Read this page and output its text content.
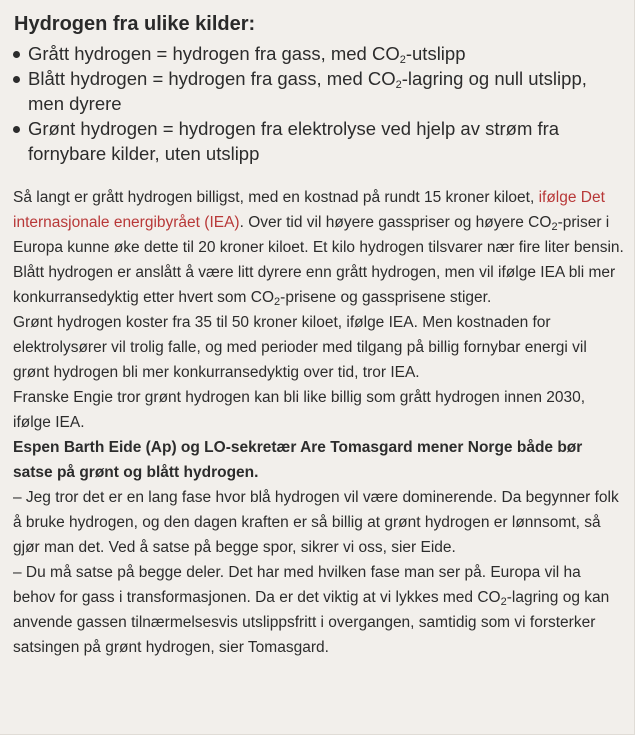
Hydrogen fra ulike kilder:
Grått hydrogen = hydrogen fra gass, med $CO_2$-utslipp
Blått hydrogen = hydrogen fra gass, med $CO_2$-lagring og null utslipp, men dyrere
Grønt hydrogen = hydrogen fra elektrolyse ved hjelp av strøm fra fornybare kilder, uten utslipp

Så langt er grått hydrogen billigst, med en kostnad på rundt 15 kroner kiloet, ifølge Det internasjonale energibyrået (IEA). Over tid vil høyere gasspriser og høyere $CO_2$-priser i Europa kunne øke dette til 20 kroner kiloet. Et kilo hydrogen tilsvarer nær fire liter bensin.

Blått hydrogen er anslått å være litt dyrere enn grått hydrogen, men vil ifølge IEA bli mer konkurransedyktig etter hvert som $CO_2$-prisene og gassprisene stiger.

Grønt hydrogen koster fra 35 til 50 kroner kiloet, ifølge IEA. Men kostnaden for elektrolysører vil trolig falle, og med perioder med tilgang på billig fornybar energi vil grønt hydrogen bli mer konkurransedyktig over tid, tror IEA.

Franske Engie tror grønt hydrogen kan bli like billig som grått hydrogen innen 2030, ifølge IEA.

Espen Barth Eide (Ap) og LO-sekretær Are Tomasgard mener Norge både bør satse på grønt og blått hydrogen.

– Jeg tror det er en lang fase hvor blå hydrogen vil være dominerende. Da begynner folk å bruke hydrogen, og den dagen kraften er så billig at grønt hydrogen er lønnsomt, så gjør man det. Ved å satse på begge spor, sikrer vi oss, sier Eide.

– Du må satse på begge deler. Det har med hvilken fase man ser på. Europa vil ha behov for gass i transformasjonen. Da er det viktig at vi lykkes med $CO_2$-lagring og kan anvende gassen tilnærmelsesvis utslippsfritt i overgangen, samtidig som vi forsterker satsingen på grønt hydrogen, sier Tomasgard.
